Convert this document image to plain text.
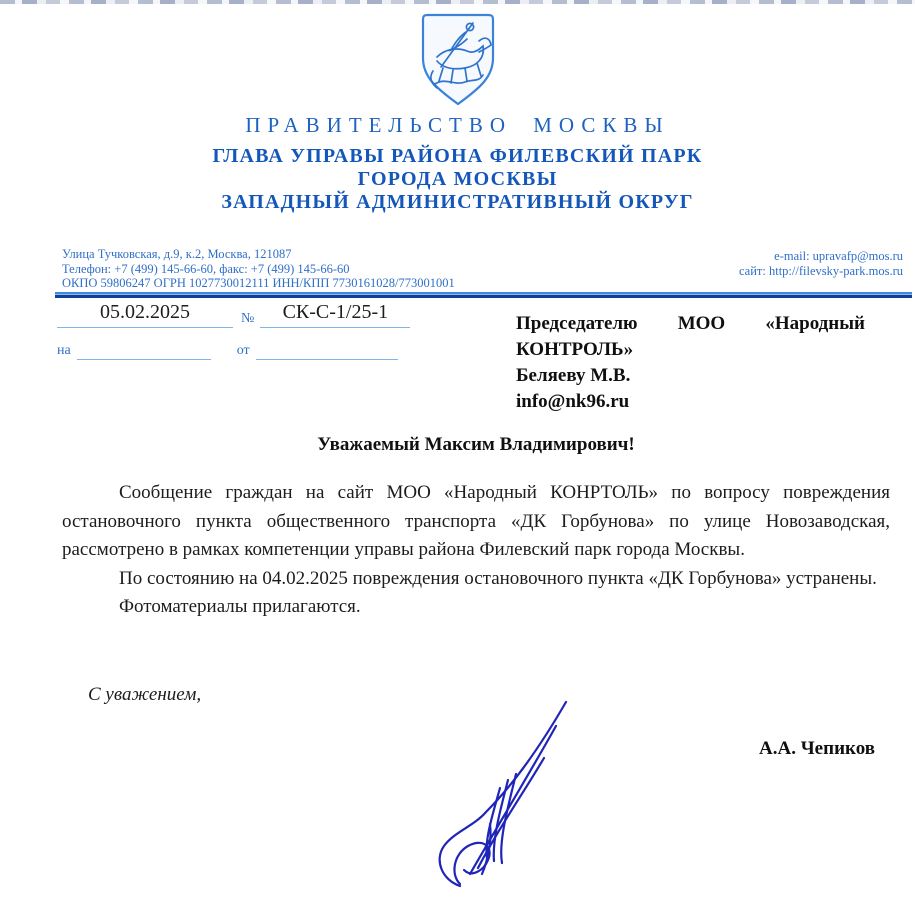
ПРАВИТЕЛЬСТВО МОСКВЫ
ГЛАВА УПРАВЫ РАЙОНА ФИЛЕВСКИЙ ПАРК
ГОРОДА МОСКВЫ
ЗАПАДНЫЙ АДМИНИСТРАТИВНЫЙ ОКРУГ
Улица Тучковская, д.9, к.2, Москва, 121087
Телефон: +7 (499) 145-66-60, факс: +7 (499) 145-66-60
ОКПО 59806247 ОГРН 1027730012111 ИНН/КПП 7730161028/773001001
e-mail: upravafp@mos.ru
сайт: http://filevsky-park.mos.ru
05.02.2025	№	СК-С-1/25-1
на	от
Председателю МОО «Народный КОНТРОЛЬ»
Беляеву М.В.
info@nk96.ru
Уважаемый Максим Владимирович!

Сообщение граждан на сайт МОО «Народный КОНРТОЛЬ» по вопросу повреждения остановочного пункта общественного транспорта «ДК Горбунова» по улице Новозаводская, рассмотрено в рамках компетенции управы района Филевский парк города Москвы.

По состоянию на 04.02.2025 повреждения остановочного пункта «ДК Горбунова» устранены.

Фотоматериалы прилагаются.

С уважением,
А.А. Чепиков
